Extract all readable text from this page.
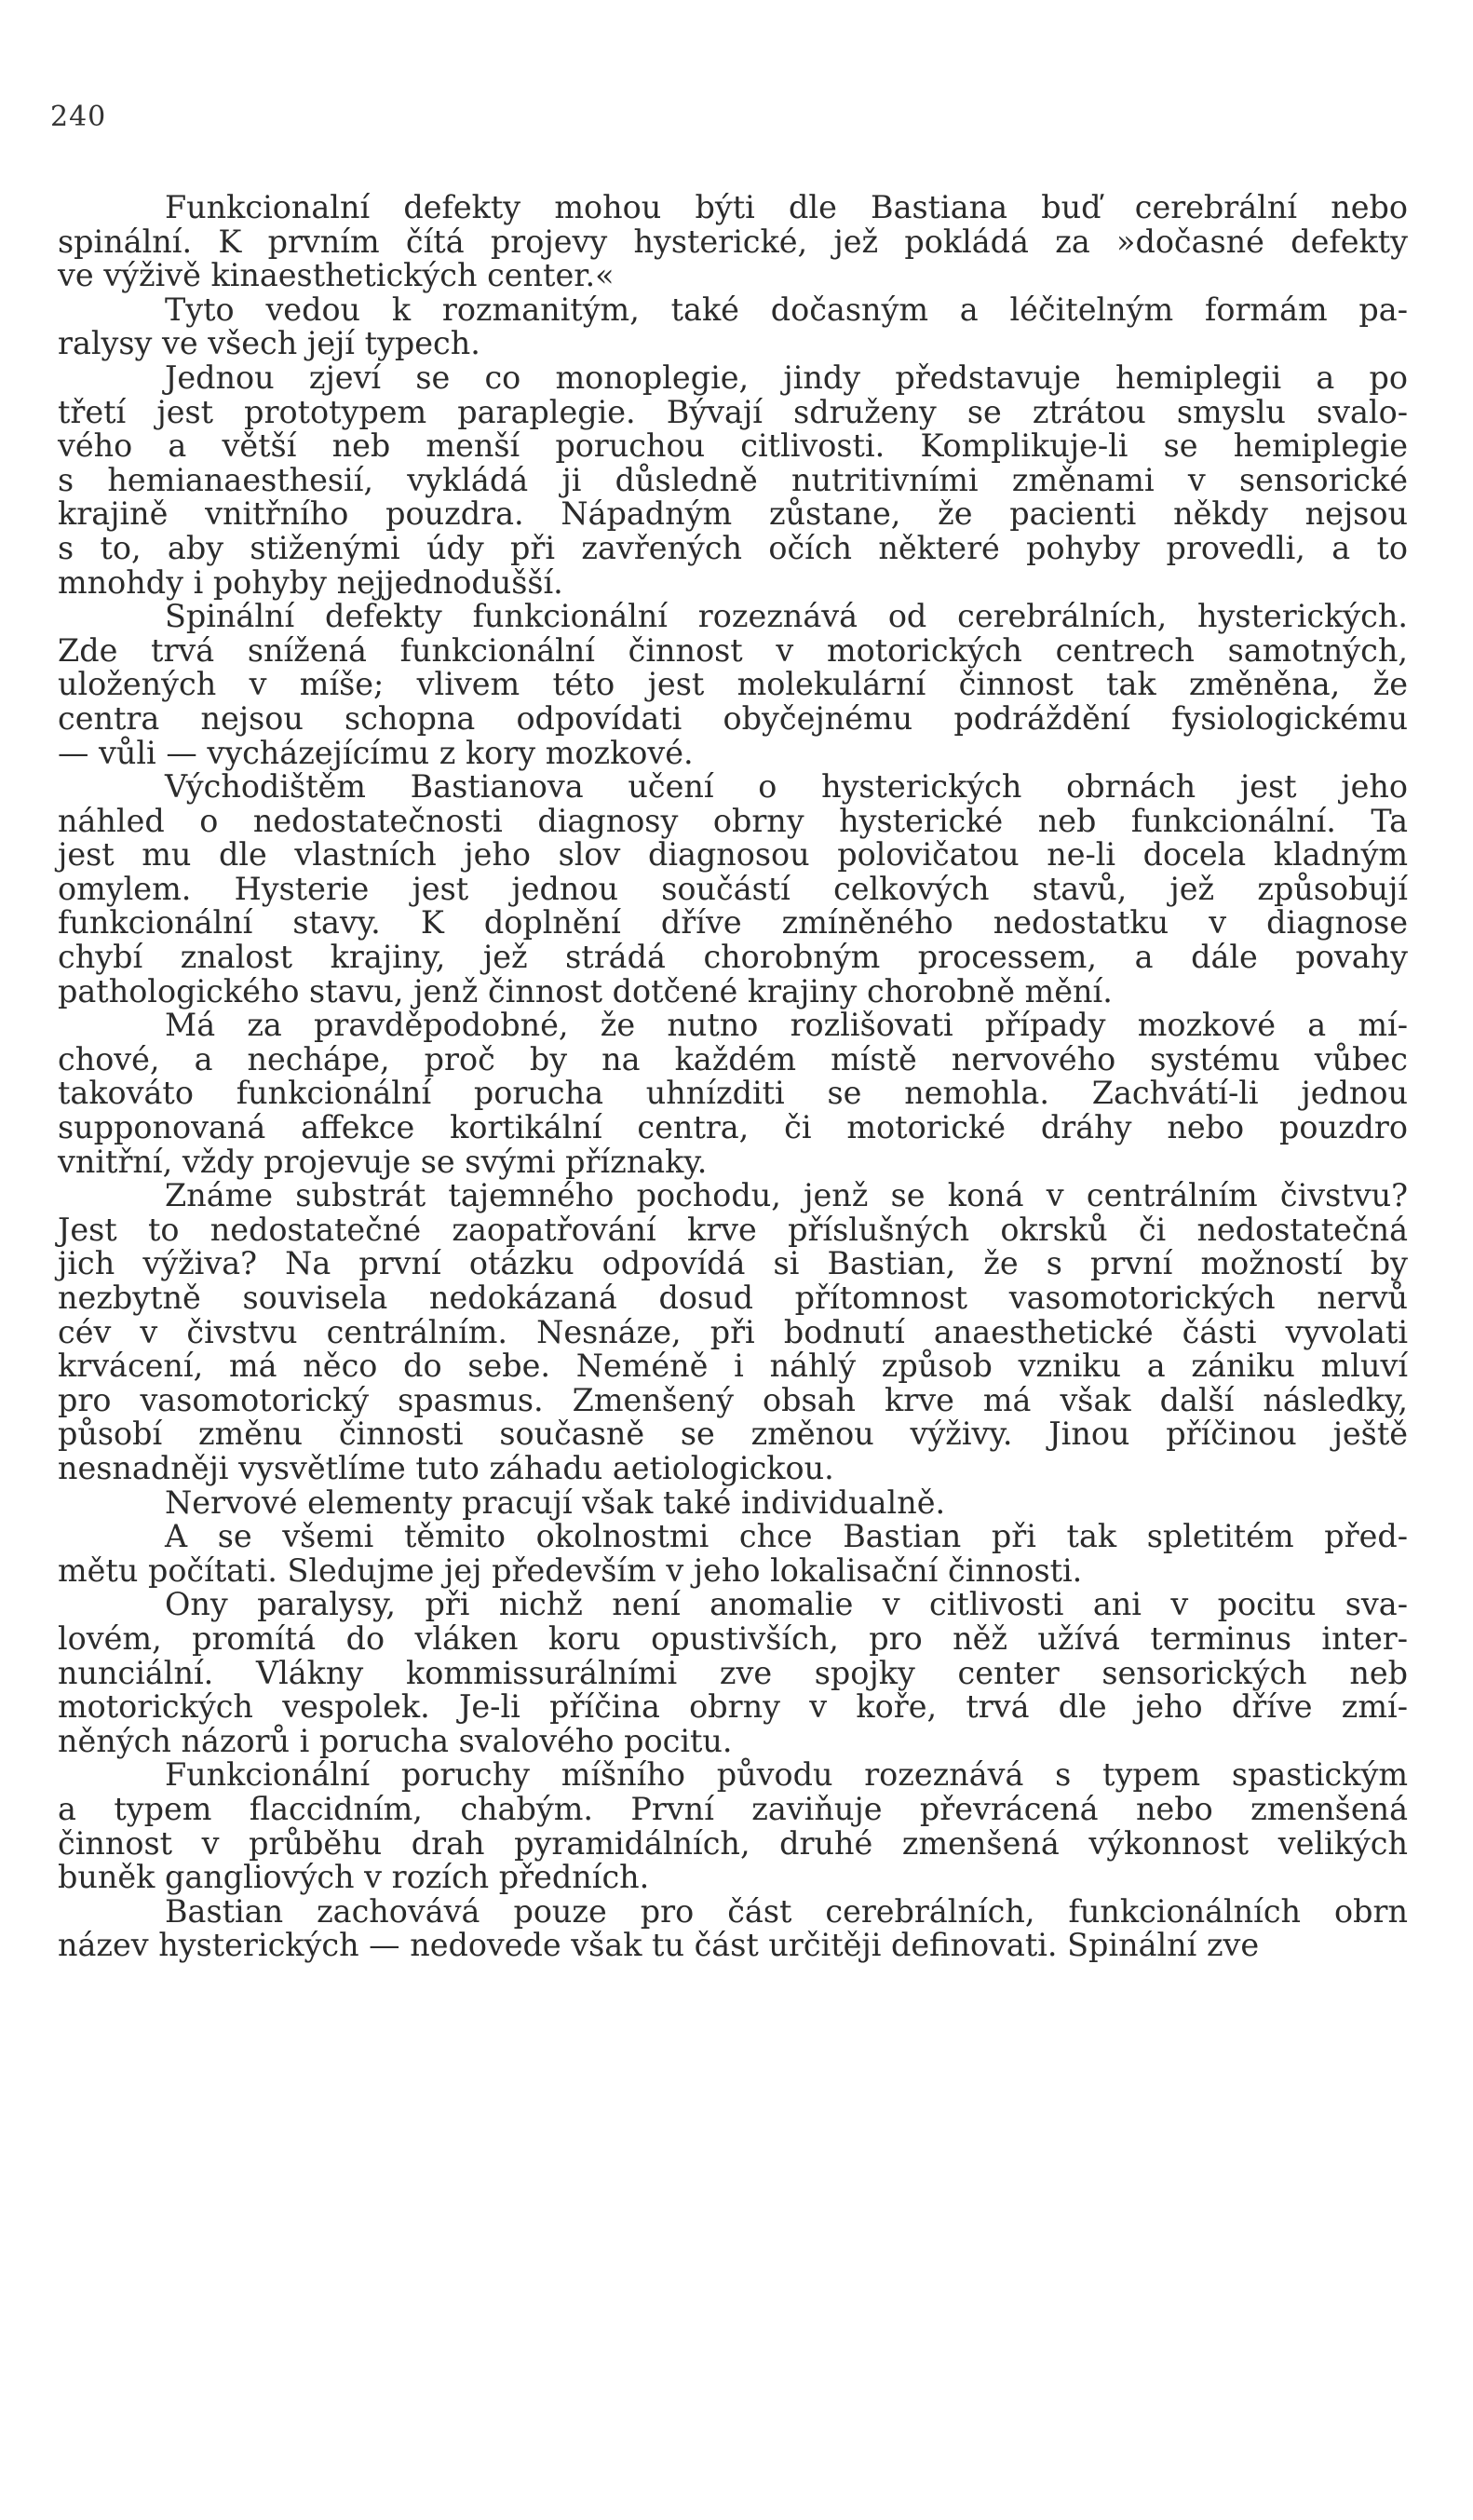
240
Funkcionalní defekty mohou býti dle Bastiana buď cerebrální nebo
spinální. K prvním čítá projevy hysterické, jež pokládá za »dočasné defekty
ve výživě kinaesthetických center.«
Tyto vedou k rozmanitým, také dočasným a léčitelným formám pa-
ralysy ve všech její typech.
Jednou zjeví se co monoplegie, jindy představuje hemiplegii a po
třetí jest prototypem paraplegie. Bývají sdruženy se ztrátou smyslu svalo-
vého a větší neb menší poruchou citlivosti. Komplikuje-li se hemiplegie
s hemianaesthesií, vykládá ji důsledně nutritivními změnami v sensorické
krajině vnitřního pouzdra. Nápadným zůstane, že pacienti někdy nejsou
s to, aby stiženými údy při zavřených očích některé pohyby provedli, a to
mnohdy i pohyby nejjednodušší.
Spinální defekty funkcionální rozeznává od cerebrálních, hysterických.
Zde trvá snížená funkcionální činnost v motorických centrech samotných,
uložených v míše; vlivem této jest molekulární činnost tak změněna, že
centra nejsou schopna odpovídati obyčejnému podráždění fysiologickému
— vůli — vycházejícímu z kory mozkové.
Východištěm Bastianova učení o hysterických obrnách jest jeho
náhled o nedostatečnosti diagnosy obrny hysterické neb funkcionální. Ta
jest mu dle vlastních jeho slov diagnosou polovičatou ne-li docela kladným
omylem. Hysterie jest jednou součástí celkových stavů, jež způsobují
funkcionální stavy. K doplnění dříve zmíněného nedostatku v diagnose
chybí znalost krajiny, jež strádá chorobným processem, a dále povahy
pathologického stavu, jenž činnost dotčené krajiny chorobně mění.
Má za pravděpodobné, že nutno rozlišovati případy mozkové a mí-
chové, a nechápe, proč by na každém místě nervového systému vůbec
takováto funkcionální porucha uhnízditi se nemohla. Zachvátí-li jednou
supponovaná affekce kortikální centra, či motorické dráhy nebo pouzdro
vnitřní, vždy projevuje se svými příznaky.
Známe substrát tajemného pochodu, jenž se koná v centrálním čivstvu?
Jest to nedostatečné zaopatřování krve příslušných okrsků či nedostatečná
jich výživa? Na první otázku odpovídá si Bastian, že s první možností by
nezbytně souvisela nedokázaná dosud přítomnost vasomotorických nervů
cév v čivstvu centrálním. Nesnáze, při bodnutí anaesthetické části vyvolati
krvácení, má něco do sebe. Neméně i náhlý způsob vzniku a zániku mluví
pro vasomotorický spasmus. Zmenšený obsah krve má však další následky,
působí změnu činnosti současně se změnou výživy. Jinou příčinou ještě
nesnadněji vysvětlíme tuto záhadu aetiologickou.
Nervové elementy pracují však také individualně.
A se všemi těmito okolnostmi chce Bastian při tak spletitém před-
mětu počítati. Sledujme jej především v jeho lokalisační činnosti.
Ony paralysy, při nichž není anomalie v citlivosti ani v pocitu sva-
lovém, promítá do vláken koru opustivších, pro něž užívá terminus inter-
nunciální. Vlákny kommissurálními zve spojky center sensorických neb
motorických vespolek. Je-li příčina obrny v koře, trvá dle jeho dříve zmí-
něných názorů i porucha svalového pocitu.
Funkcionální poruchy míšního původu rozeznává s typem spastickým
a typem flaccidním, chabým. První zaviňuje převrácená nebo zmenšená
činnost v průběhu drah pyramidálních, druhé zmenšená výkonnost velikých
buněk gangliových v rozích předních.
Bastian zachovává pouze pro část cerebrálních, funkcionálních obrn
název hysterických — nedovede však tu část určitěji definovati. Spinální zve
